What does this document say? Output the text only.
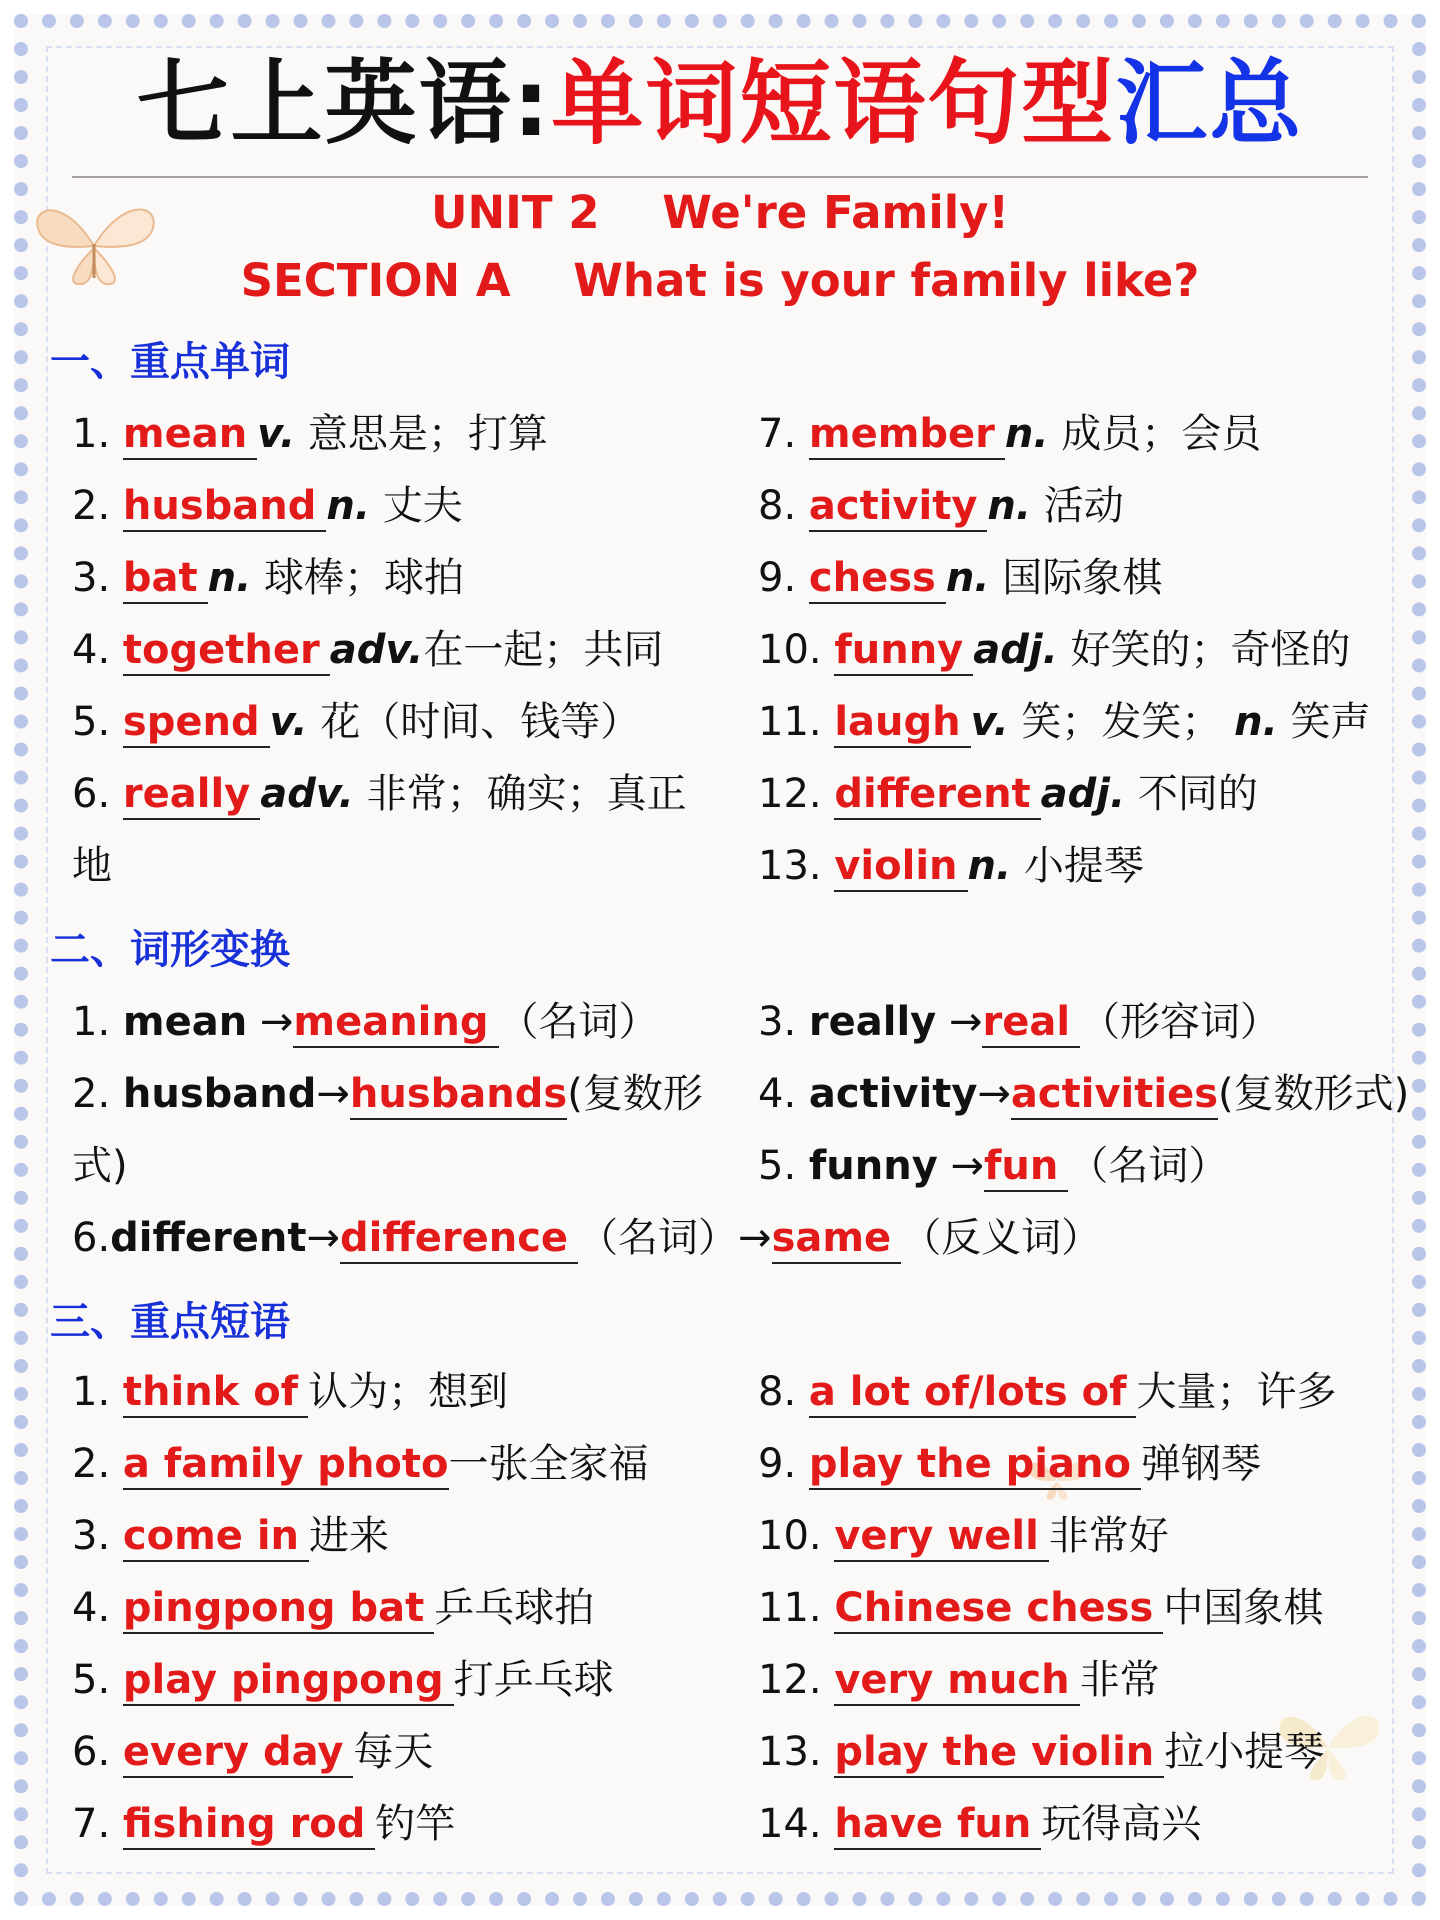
七上英语:单词短语句型汇总
UNIT 2    We're Family!
SECTION A    What is your family like?
一、重点单词
1. mean v. 意思是；打算
2. husband n. 丈夫
3. bat n. 球棒；球拍
4. together adv.在一起；共同
5. spend v. 花（时间、钱等）
6. really adv. 非常；确实；真正
地
7. member n. 成员；会员
8. activity n. 活动
9. chess n. 国际象棋
10. funny adj. 好笑的；奇怪的
11. laugh v. 笑；发笑； n. 笑声
12. different adj. 不同的
13. violin n. 小提琴
二、词形变换
1. mean →meaning （名词）
2. husband→husbands(复数形
式)
3. really →real （形容词）
4. activity→activities(复数形式)
5. funny →fun （名词）
6.different→difference （名词）→same （反义词）
三、重点短语
1. think of 认为；想到
2. a family photo一张全家福
3. come in 进来
4. pingpong bat 乒乓球拍
5. play pingpong 打乒乓球
6. every day 每天
7. fishing rod 钓竿
8. a lot of/lots of 大量；许多
9. play the piano 弹钢琴
10. very well 非常好
11. Chinese chess 中国象棋
12. very much 非常
13. play the violin 拉小提琴
14. have fun 玩得高兴
